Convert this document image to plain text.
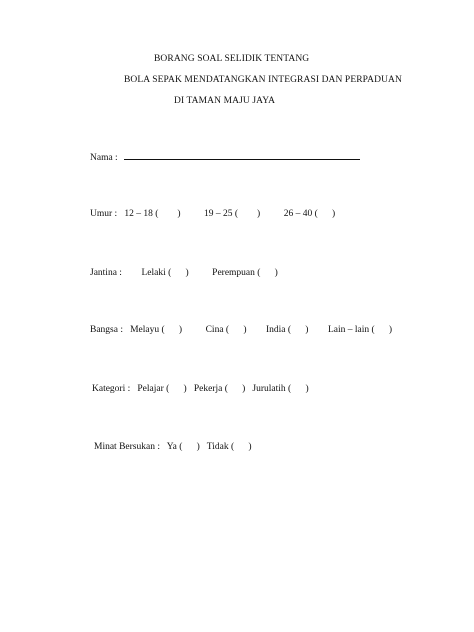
BORANG SOAL SELIDIK TENTANG
BOLA SEPAK MENDATANGKAN INTEGRASI DAN PERPADUAN
DI TAMAN MAJU JAYA
Nama :
Umur :   12 – 18 (        )    19 – 25 (        )    26 – 40 (      )
Jantina :    Lelaki (      )    Perempuan (      )
Bangsa :   Melayu (      )    Cina (      )    India (      )    Lain – lain (      )
Kategori :   Pelajar (      )   Pekerja (      )   Jurulatih (      )
Minat Bersukan :   Ya (      )   Tidak (      )
